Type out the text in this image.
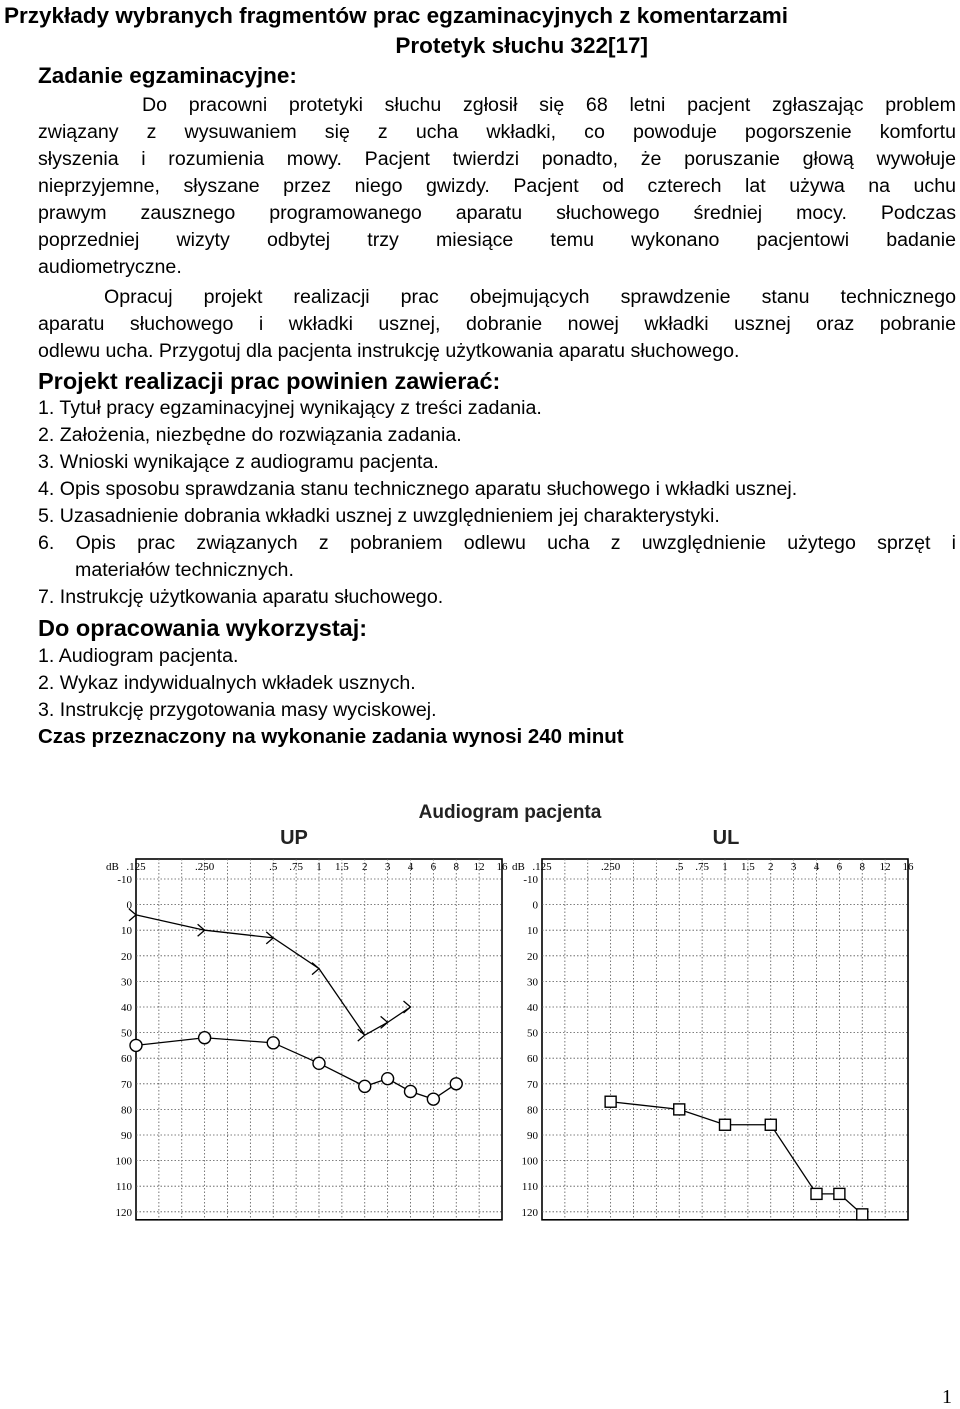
Przykłady wybranych fragmentów prac egzaminacyjnych z komentarzami
Protetyk słuchu 322[17]
Zadanie egzaminacyjne:
Do pracowni protetyki słuchu zgłosił się 68 letni pacjent zgłaszając problem
związany z wysuwaniem się z ucha wkładki, co powoduje pogorszenie komfortu
słyszenia i rozumienia mowy. Pacjent twierdzi ponadto, że poruszanie głową wywołuje
nieprzyjemne, słyszane przez niego gwizdy. Pacjent od czterech lat używa na uchu
prawym zausznego programowanego aparatu słuchowego średniej mocy. Podczas
poprzedniej wizyty odbytej trzy miesiące temu wykonano pacjentowi badanie
audiometryczne.
Opracuj projekt realizacji prac obejmujących sprawdzenie stanu technicznego
aparatu słuchowego i wkładki usznej, dobranie nowej wkładki usznej oraz pobranie
odlewu ucha. Przygotuj dla pacjenta instrukcję użytkowania aparatu słuchowego.
Projekt realizacji prac powinien zawierać:
1. Tytuł pracy egzaminacyjnej wynikający z treści zadania.
2. Założenia, niezbędne do rozwiązania zadania.
3. Wnioski wynikające z audiogramu pacjenta.
4. Opis sposobu sprawdzania stanu technicznego aparatu słuchowego i wkładki usznej.
5. Uzasadnienie dobrania wkładki usznej z uwzględnieniem jej charakterystyki.
6. Opis prac związanych z pobraniem odlewu ucha z uwzględnienie użytego sprzęt i
materiałów technicznych.
7. Instrukcję użytkowania aparatu słuchowego.
Do opracowania wykorzystaj:
1. Audiogram pacjenta.
2. Wykaz indywidualnych wkładek usznych.
3. Instrukcję przygotowania masy wyciskowej.
Czas przeznaczony na wykonanie zadania wynosi 240 minut
Audiogram pacjenta
UP
-10
0
10
20
30
40
50
60
70
80
90
100
110
120
dB .125	.250	.5 .75 1 1.5 2 3 4 6 8 12 16
UL
-10
0
10
20
30
40
50
60
70
80
90
100
110
120
dB .125	.250	.5 .75 1 1.5 2 3 4 6 8 12 16
1
